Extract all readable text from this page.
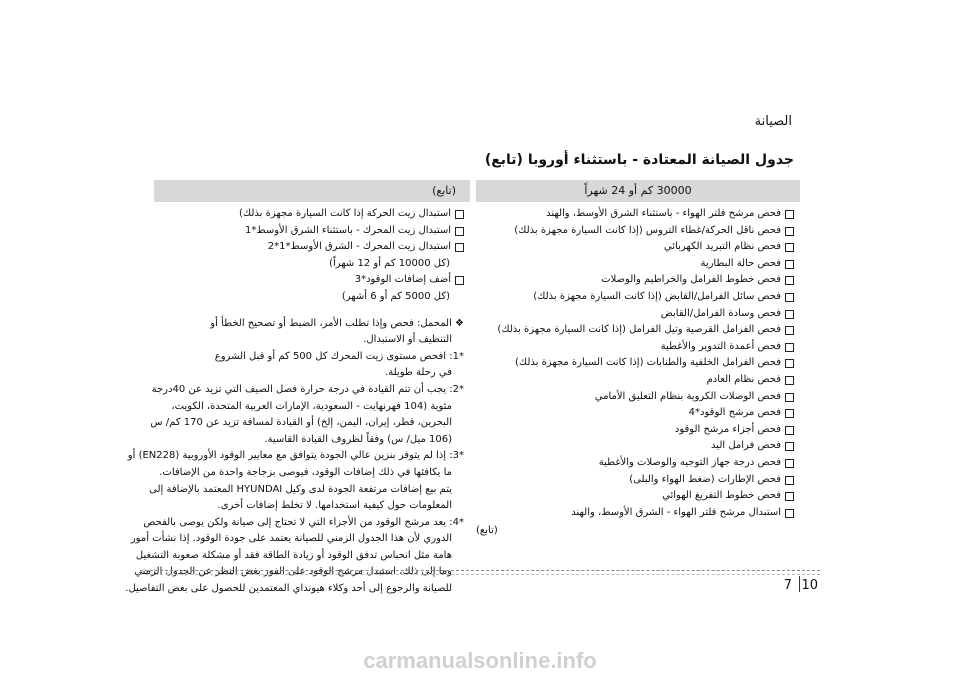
الصيانة
جدول الصيانة المعتادة - باستثناء أوروبا (تابع)
30000 كم أو 24 شهراً
فحص مرشح فلتر الهواء - باستثناء الشرق الأوسط، والهند
فحص ناقل الحركة/غطاء التروس (إذا كانت السيارة مجهزة بذلك)
فحص نظام التبريد الكهربائي
فحص حالة البطارية
فحص خطوط الفرامل والخراطيم والوصلات
فحص سائل الفرامل/القابض (إذا كانت السيارة مجهزة بذلك)
فحص وسادة الفرامل/القابض
فحص الفرامل القرصية وتيل الفرامل (إذا كانت السيارة مجهزة بذلك)
فحص أعمدة التدوير والأغطية
فحص الفرامل الخلفية والطنابات (إذا كانت السيارة مجهزة بذلك)
فحص نظام العادم
فحص الوصلات الكروية بنظام التعليق الأمامي
فحص مرشح الوقود*4
فحص أجزاء مرشح الوقود
فحص فرامل اليد
فحص درجة جهاز التوجيه والوصلات والأغطية
فحص الإطارات (ضغط الهواء والبلى)
فحص خطوط التفريغ الهوائي
استبدال مرشح فلتر الهواء - الشرق الأوسط، والهند
(تابع)
(تابع)
استبدال زيت الحركة إذا كانت السيارة مجهزة بذلك)
استبدال زيت المحرك - باستثناء الشرق الأوسط*1
استبدال زيت المحرك - الشرق الأوسط*1*2
(كل 10000 كم أو 12 شهراً)
أضف إضافات الوقود*3
(كل 5000 كم أو 6 أشهر)
❖ المحمل: فحص وإذا تطلب الأمر، الضبط أو تصحيح الخطأ أو
التنظيف أو الاستبدال.
*1: افحص مستوى زيت المحرك كل 500 كم أو قبل الشروع
في رحلة طويلة.
*2: يجب أن تتم القيادة في درجة حرارة فصل الصيف التي تزيد عن 40درجة
مئوية (104 فهرنهايت - السعودية، الإمارات العربية المتحدة، الكويت،
البحرين، قطر، إيران، اليمن، إلخ) أو القيادة لمسافة تزيد عن 170 كم/ س
(106 ميل/ س) وفقاً لظروف القيادة القاسية.
*3: إذا لم يتوفر بنزين عالي الجودة يتوافق مع معايير الوقود الأوروبية (EN228) أو
ما يكافئها في ذلك إضافات الوقود، فيوصى بزجاجة واحدة من الإضافات.
يتم بيع إضافات مرتفعة الجودة لدى وكيل HYUNDAI المعتمد بالإضافة إلى
المعلومات حول كيفية استخدامها. لا تخلط إضافات أخرى.
*4: يعد مرشح الوقود من الأجزاء التي لا تحتاج إلى صيانة ولكن يوصى بالفحص
الدوري لأن هذا الجدول الزمني للصيانة يعتمد على جودة الوقود. إذا نشأت أمور
هامة مثل انحباس تدفق الوقود أو زيادة الطاقة فقد أو مشكلة صعوبة التشغيل
وما إلى ذلك، استبدل مرشح الوقود على الفور بغض النظر عن الجدول الزمني
للصيانة والرجوع إلى أحد وكلاء هيونداي المعتمدين للحصول على بعض التفاصيل.	10
7
carmanualsonline.info
